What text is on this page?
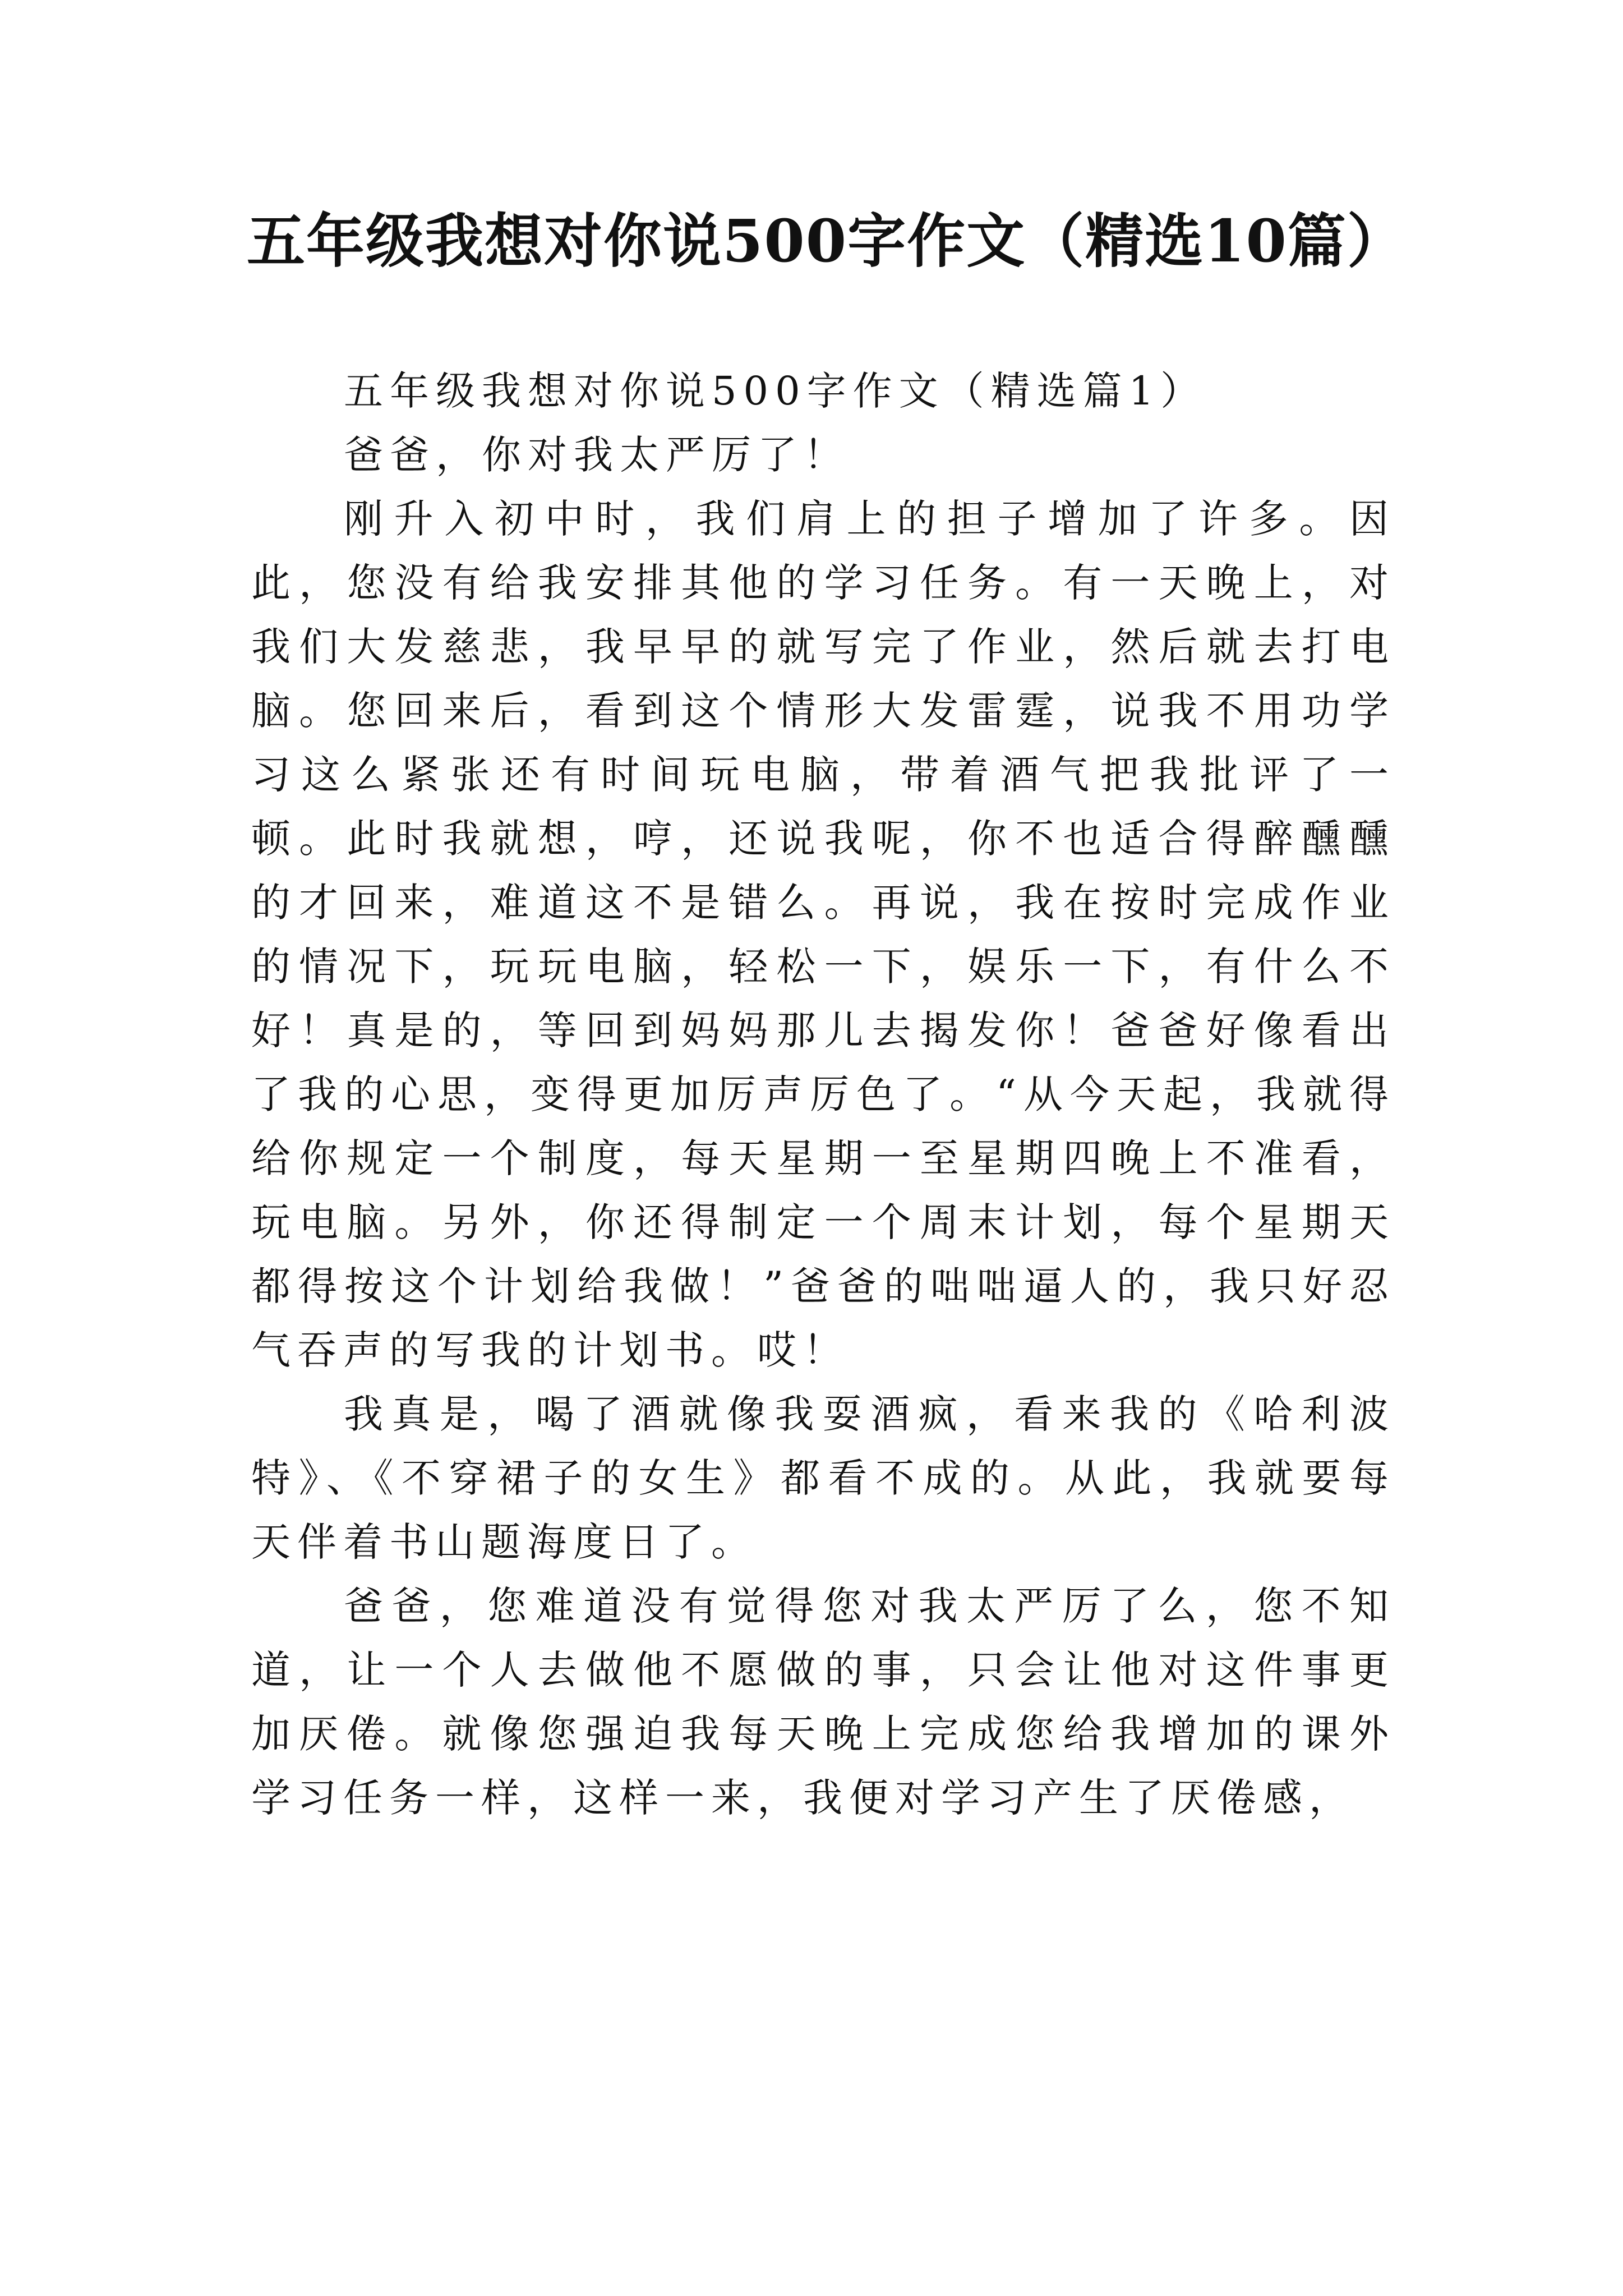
五年级我想对你说500字作文（精选10篇）

五年级我想对你说500字作文（精选篇1）

爸爸，你对我太严厉了！

刚升入初中时，我们肩上的担子增加了许多。因此，您没有给我安排其他的学习任务。有一天晚上，对我们大发慈悲，我早早的就写完了作业，然后就去打电脑。您回来后，看到这个情形大发雷霆，说我不用功学习这么紧张还有时间玩电脑，带着酒气把我批评了一顿。此时我就想，哼，还说我呢，你不也适合得醉醺醺的才回来，难道这不是错么。再说，我在按时完成作业的情况下，玩玩电脑，轻松一下，娱乐一下，有什么不好！真是的，等回到妈妈那儿去揭发你！爸爸好像看出了我的心思，变得更加厉声厉色了。“从今天起，我就得给你规定一个制度，每天星期一至星期四晚上不准看，玩电脑。另外，你还得制定一个周末计划，每个星期天都得按这个计划给我做！”爸爸的咄咄逼人的，我只好忍气吞声的写我的计划书。哎！

我真是，喝了酒就像我耍酒疯，看来我的《哈利波特》、《不穿裙子的女生》都看不成的。从此，我就要每天伴着书山题海度日了。

爸爸，您难道没有觉得您对我太严厉了么，您不知道，让一个人去做他不愿做的事，只会让他对这件事更加厌倦。就像您强迫我每天晚上完成您给我增加的课外学习任务一样，这样一来，我便对学习产生了厌倦感，
